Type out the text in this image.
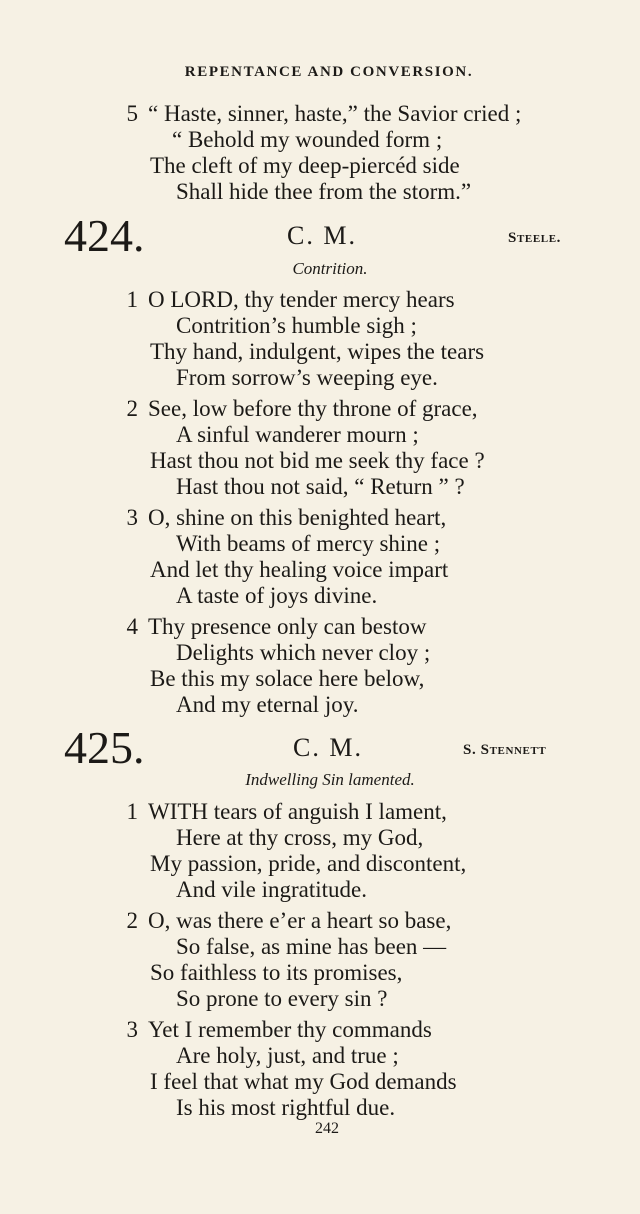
REPENTANCE AND CONVERSION.
5 “ Haste, sinner, haste,” the Savior cried ;
“ Behold my wounded form ;
The cleft of my deep-piercéd side
Shall hide thee from the storm.”
424.	C. M.	Steele.
Contrition.
1 O LORD, thy tender mercy hears
Contrition’s humble sigh ;
Thy hand, indulgent, wipes the tears
From sorrow’s weeping eye.
2 See, low before thy throne of grace,
A sinful wanderer mourn ;
Hast thou not bid me seek thy face ?
Hast thou not said, “ Return ” ?
3 O, shine on this benighted heart,
With beams of mercy shine ;
And let thy healing voice impart
A taste of joys divine.
4 Thy presence only can bestow
Delights which never cloy ;
Be this my solace here below,
And my eternal joy.
425.	C. M.	S. Stennett
Indwelling Sin lamented.
1 WITH tears of anguish I lament,
Here at thy cross, my God,
My passion, pride, and discontent,
And vile ingratitude.
2 O, was there e’er a heart so base,
So false, as mine has been —
So faithless to its promises,
So prone to every sin ?
3 Yet I remember thy commands
Are holy, just, and true ;
I feel that what my God demands
Is his most rightful due.
242
